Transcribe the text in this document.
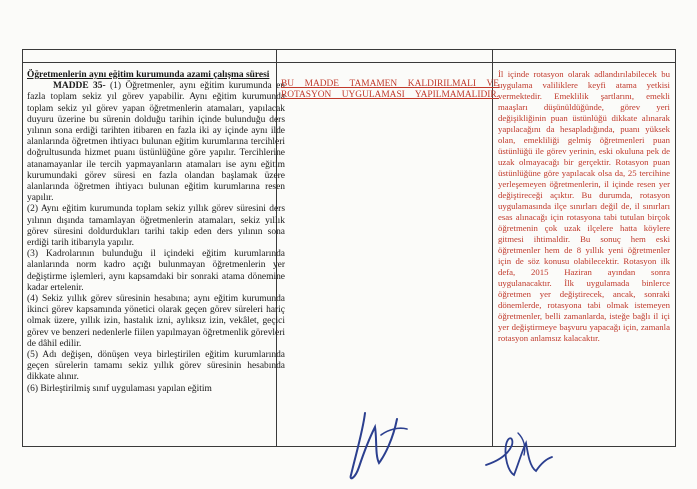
Öğretmenlerin aynı eğitim kurumunda azami çalışma süresi

MADDE 35- (1) Öğretmenler, aynı eğitim kurumunda en fazla toplam sekiz yıl görev yapabilir. Aynı eğitim kurumunda toplam sekiz yıl görev yapan öğretmenlerin atamaları, yapılacak duyuru üzerine bu sürenin dolduğu tarihin içinde bulunduğu ders yılının sona erdiği tarihten itibaren en fazla iki ay içinde aynı ilde alanlarında öğretmen ihtiyacı bulunan eğitim kurumlarına tercihleri doğrultusunda hizmet puanı üstünlüğüne göre yapılır. Tercihlerine atanamayanlar ile tercih yapmayanların atamaları ise aynı eğitim kurumundaki görev süresi en fazla olandan başlamak üzere alanlarında öğretmen ihtiyacı bulunan eğitim kurumlarına resen yapılır.

(2) Aynı eğitim kurumunda toplam sekiz yıllık görev süresini ders yılının dışında tamamlayan öğretmenlerin atamaları, sekiz yıllık görev süresini doldurdukları tarihi takip eden ders yılının sona erdiği tarih itibarıyla yapılır.

(3) Kadrolarının bulunduğu il içindeki eğitim kurumlarında alanlarında norm kadro açığı bulunmayan öğretmenlerin yer değiştirme işlemleri, aynı kapsamdaki bir sonraki atama dönemine kadar ertelenir.

(4) Sekiz yıllık görev süresinin hesabına; aynı eğitim kurumunda ikinci görev kapsamında yönetici olarak geçen görev süreleri hariç olmak üzere, yıllık izin, hastalık izni, aylıksız izin, vekâlet, geçici görev ve benzeri nedenlerle fiilen yapılmayan öğretmenlik görevleri de dâhil edilir.

(5) Adı değişen, dönüşen veya birleştirilen eğitim kurumlarında geçen sürelerin tamamı sekiz yıllık görev süresinin hesabında dikkate alınır.

(6) Birleştirilmiş sınıf uygulaması yapılan eğitim

BU MADDE TAMAMEN KALDIRILMALI VE ROTASYON UYGULAMASI YAPILMAMALIDIR.

İl içinde rotasyon olarak adlandırılabilecek bu uygulama valiliklere keyfi atama yetkisi vermektedir. Emeklilik şartlarını, emekli maaşları düşünüldüğünde, görev yeri değişikliğinin puan üstünlüğü dikkate alınarak yapılacağını da hesapladığında, puanı yüksek olan, emekliliği gelmiş öğretmenleri puan üstünlüğü ile görev yerinin, eski okuluna pek de uzak olmayacağı bir gerçektir. Rotasyon puan üstünlüğüne göre yapılacak olsa da, 25 tercihine yerleşemeyen öğretmenlerin, il içinde resen yer değiştireceği açıktır. Bu durumda, rotasyon uygulamasında ilçe sınırları değil de, il sınırları esas alınacağı için rotasyona tabi tutulan birçok öğretmenin çok uzak ilçelere hatta köylere gitmesi ihtimaldir. Bu sonuç hem eski öğretmenler hem de 8 yıllık yeni öğretmenler için de söz konusu olabilecektir. Rotasyon ilk defa, 2015 Haziran ayından sonra uygulanacaktır. İlk uygulamada binlerce öğretmen yer değiştirecek, ancak, sonraki dönemlerde, rotasyona tabi olmak istemeyen öğretmenler, belli zamanlarda, isteğe bağlı il içi yer değiştirmeye başvuru yapacağı için, zamanla rotasyon anlamsız kalacaktır.
